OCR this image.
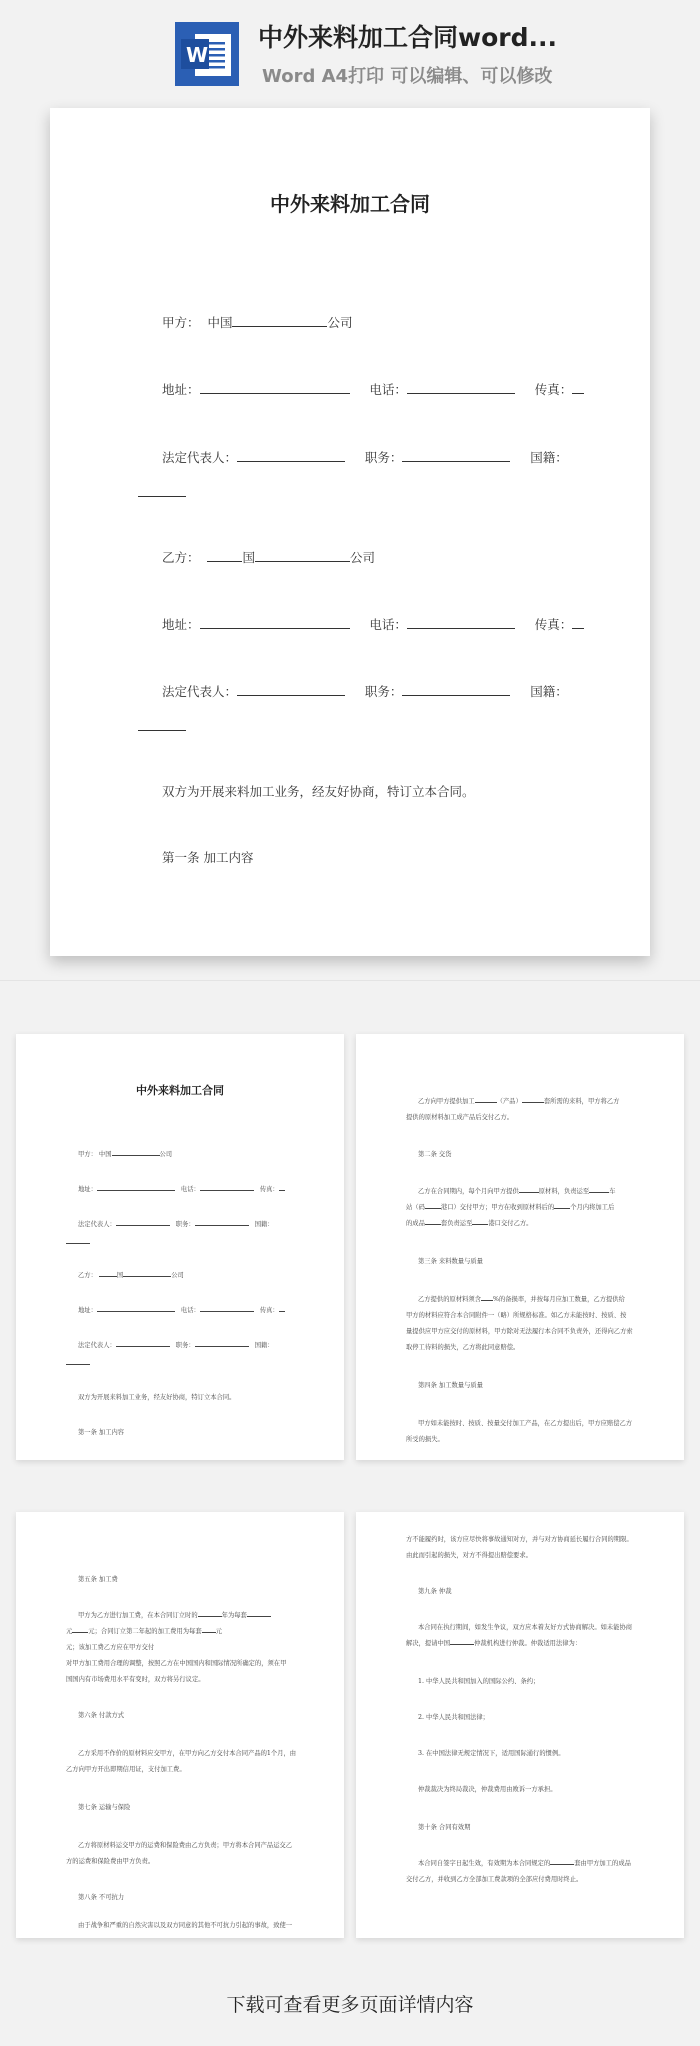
W
中外来料加工合同word...
Word A4打印 可以编辑、可以修改
中外来料加工合同
甲方： 中国	公司
地址：	电话：	传真：
法定代表人：	职务：	国籍：
乙方：	国	公司
地址：	电话：	传真：
法定代表人：	职务：	国籍：
双方为开展来料加工业务，经友好协商，特订立本合同。
第一条 加工内容
中外来料加工合同
甲方： 中国	公司
地址：	电话：	传真：
法定代表人：	职务：	国籍：
乙方：	国	公司
地址：	电话：	传真：
法定代表人：	职务：	国籍：
双方为开展来料加工业务，经友好协商，特订立本合同。
第一条 加工内容
乙方向甲方提供加工	（产品）	套所需的来料，甲方将乙方
提供的原材料加工成产品后交付乙方。
第二条 交货
乙方在合同期内，每个月向甲方提供	原材料，负责运至	车
站（码	港口）交付甲方；甲方在收到原材料后的	个月内将加工后
的成品	套负责运至	港口交付乙方。
第三条 来料数量与质量
乙方提供的原材料须含 %的备损率，并按每月应加工数量，乙方提供给
甲方的材料应符合本合同附件一（略）所规格标准。如乙方未能按时、按质、按
量提供应甲方应交付的原材料，甲方除对无法履行本合同不负责外，还得向乙方索
取停工待料的损失，乙方将此同意赔偿。
第四条 加工数量与质量
甲方如未能按时、按质、按量交付加工产品，在乙方提出后，甲方应赔偿乙方
所受的损失。
第五条 加工费
甲方为乙方进行加工费，在本合同订立时的	年为每套
元	元；合同订立第二年起的加工费用为每套 元
元；该加工费乙方应在甲方交付
对甲方加工费用合理的调整，按照乙方在中国国内和国际情况所确定的，须在甲
国国内有市场费用水平有变时，双方将另行议定。
第六条 付款方式
乙方采用不作价的原材料应交甲方，在甲方向乙方交付本合同产品的1个月，由
乙方向甲方开出即期信用证，支付加工费。
第七条 运输与保险
乙方将原材料运交甲方的运费和保险费由乙方负责；甲方将本合同产品运交乙
方的运费和保险费由甲方负责。
第八条 不可抗力
由于战争和严重的自然灾害以及双方同意的其他不可抗力引起的事故，致使一
方不能履约时，该方应尽快将事故通知对方，并与对方协商延长履行合同的期限。
由此而引起的损失，对方不得提出赔偿要求。
第九条 仲裁
本合同在执行期间，如发生争议，双方应本着友好方式协商解决。如未能协商
解决，提请中国	仲裁机构进行仲裁。仲裁适用法律为：
1. 中华人民共和国加入的国际公约、条约；
2. 中华人民共和国法律；
3. 在中国法律无规定情况下，适用国际通行的惯例。
仲裁裁决为终局裁决，仲裁费用由败诉一方承担。
第十条 合同有效期
本合同自签字日起生效，有效期为本合同规定的	套由甲方加工的成品
交付乙方，并收到乙方全部加工费款项的全部应付费用时终止。
下载可查看更多页面详情内容
